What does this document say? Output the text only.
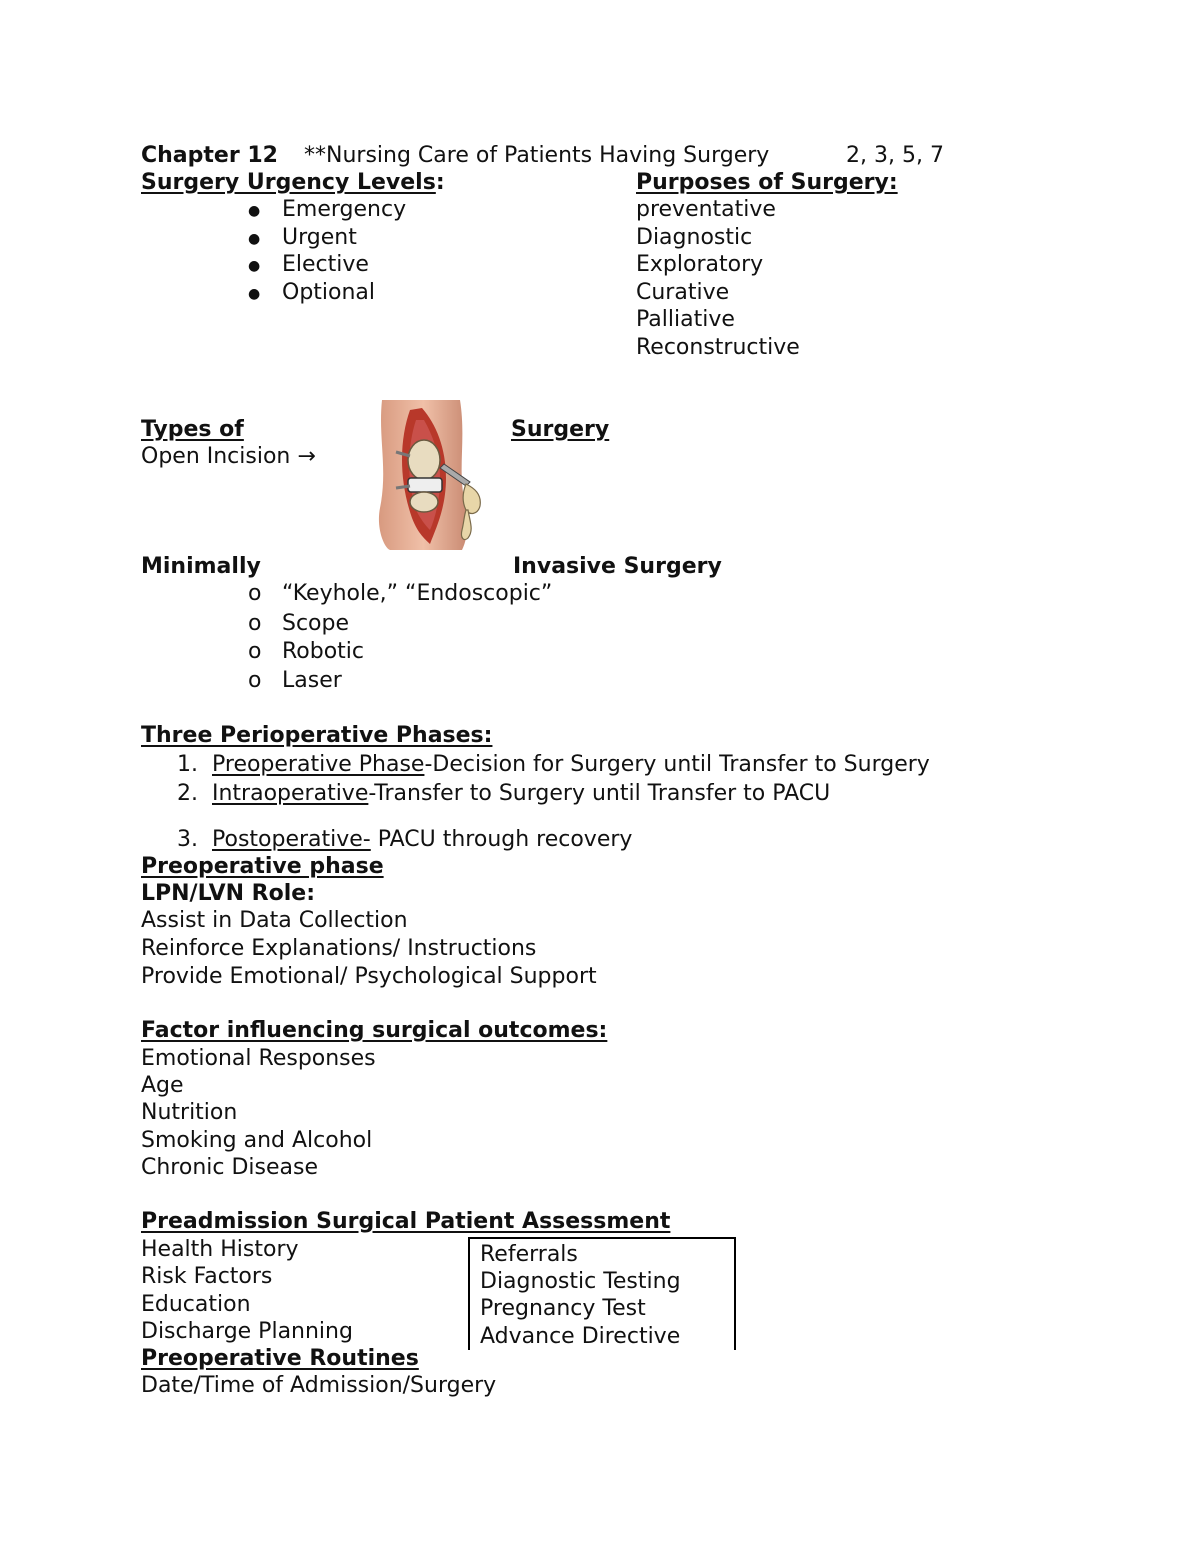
Chapter 12 **Nursing Care of Patients Having Surgery	2, 3, 5, 7
Surgery Urgency Levels:
● Emergency
● Urgent
● Elective
● Optional
Purposes of Surgery:
preventative
Diagnostic
Exploratory
Curative
Palliative
Reconstructive
Types of	Surgery
Open Incision →
Minimally	Invasive Surgery
o “Keyhole,” “Endoscopic”
o Scope
o Robotic
o Laser
Three Perioperative Phases:
1. Preoperative Phase-Decision for Surgery until Transfer to Surgery
2. Intraoperative-Transfer to Surgery until Transfer to PACU
3. Postoperative- PACU through recovery
Preoperative phase
LPN/LVN Role:
Assist in Data Collection
Reinforce Explanations/ Instructions
Provide Emotional/ Psychological Support
Factor influencing surgical outcomes:
Emotional Responses
Age
Nutrition
Smoking and Alcohol
Chronic Disease
Preadmission Surgical Patient Assessment
Health History
Risk Factors
Education
Discharge Planning
Referrals
Diagnostic Testing
Pregnancy Test
Advance Directive
Preoperative Routines
Date/Time of Admission/Surgery
